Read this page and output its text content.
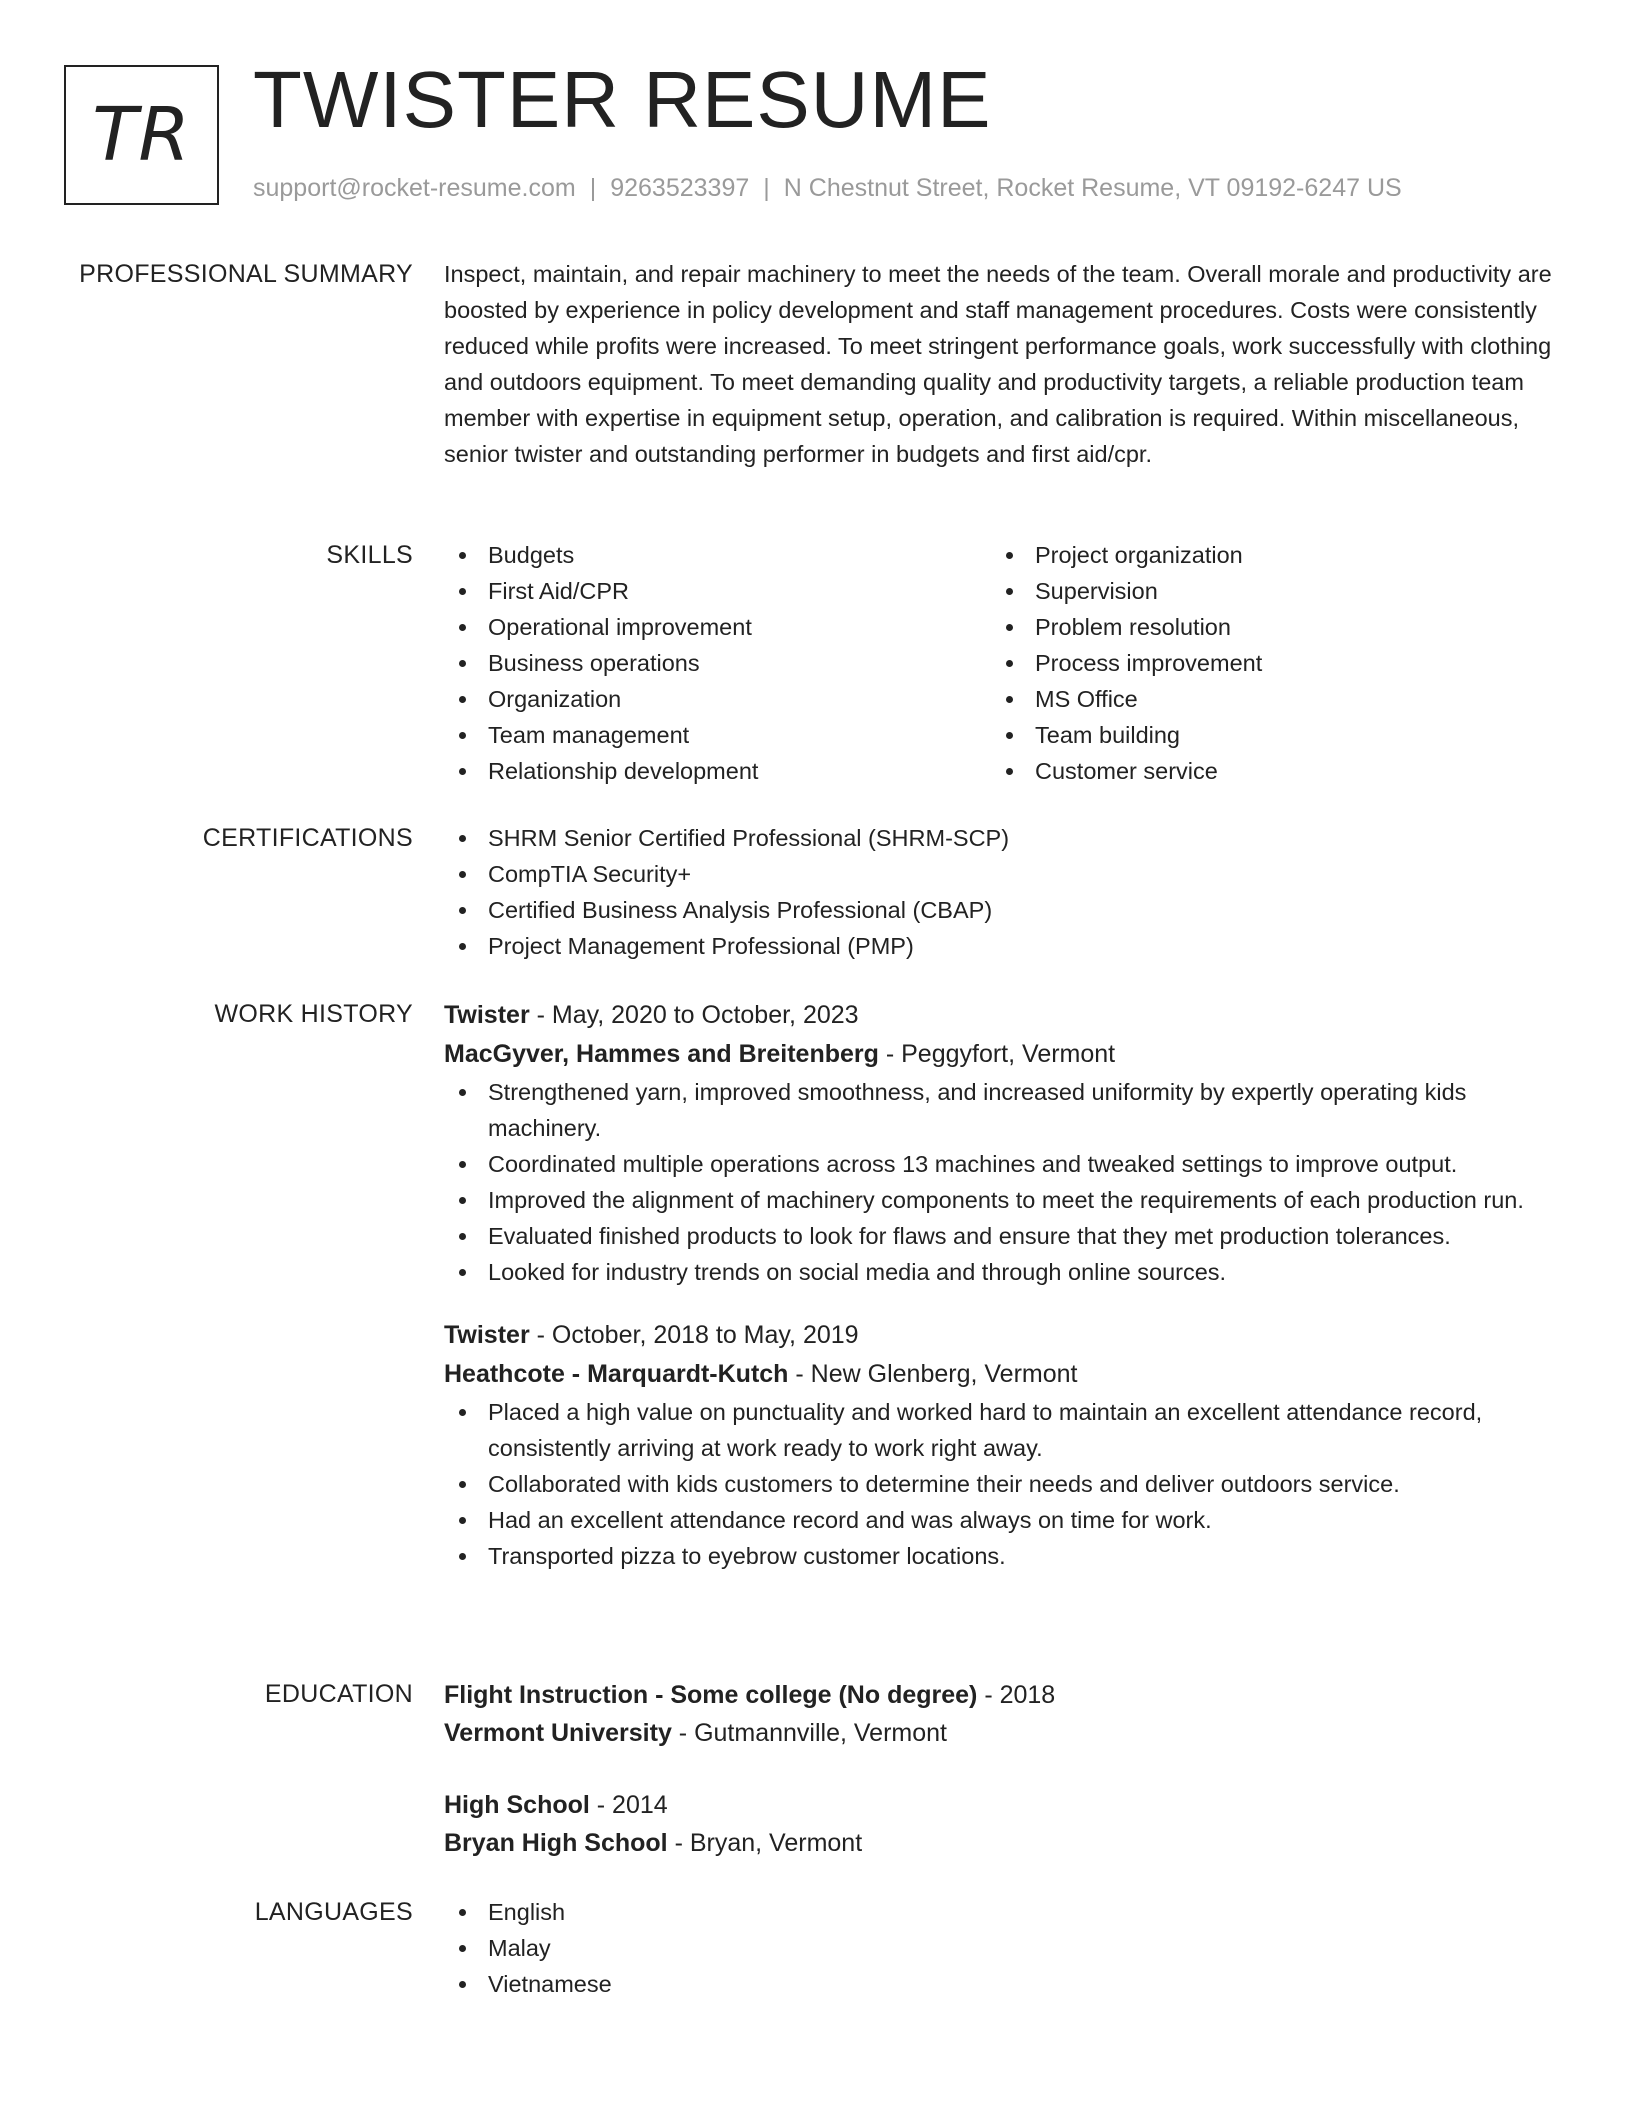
TR TWISTER RESUME
support@rocket-resume.com | 9263523397 | N Chestnut Street, Rocket Resume, VT 09192-6247 US
PROFESSIONAL SUMMARY Inspect, maintain, and repair machinery to meet the needs of the team. Overall morale and productivity are boosted by experience in policy development and staff management procedures. Costs were consistently reduced while profits were increased. To meet stringent performance goals, work successfully with clothing and outdoors equipment. To meet demanding quality and productivity targets, a reliable production team member with expertise in equipment setup, operation, and calibration is required. Within miscellaneous, senior twister and outstanding performer in budgets and first aid/cpr.

SKILLS	Budgets
First Aid/CPR
Operational improvement
Business operations
Organization
Team management
Relationship development
Project organization
Supervision
Problem resolution
Process improvement
MS Office
Team building
Customer service
CERTIFICATIONS	SHRM Senior Certified Professional (SHRM-SCP)
CompTIA Security+
Certified Business Analysis Professional (CBAP)
Project Management Professional (PMP)
WORK HISTORY Twister - May, 2020 to October, 2023
MacGyver, Hammes and Breitenberg - Peggyfort, Vermont
Strengthened yarn, improved smoothness, and increased uniformity by expertly operating kids machinery.
Coordinated multiple operations across 13 machines and tweaked settings to improve output.
Improved the alignment of machinery components to meet the requirements of each production run.
Evaluated finished products to look for flaws and ensure that they met production tolerances.
Looked for industry trends on social media and through online sources.
Twister - October, 2018 to May, 2019
Heathcote - Marquardt-Kutch - New Glenberg, Vermont
Placed a high value on punctuality and worked hard to maintain an excellent attendance record, consistently arriving at work ready to work right away.
Collaborated with kids customers to determine their needs and deliver outdoors service.
Had an excellent attendance record and was always on time for work.
Transported pizza to eyebrow customer locations.
EDUCATION Flight Instruction - Some college (No degree) - 2018
Vermont University - Gutmannville, Vermont
High School - 2014
Bryan High School - Bryan, Vermont
LANGUAGES	English
Malay
Vietnamese
